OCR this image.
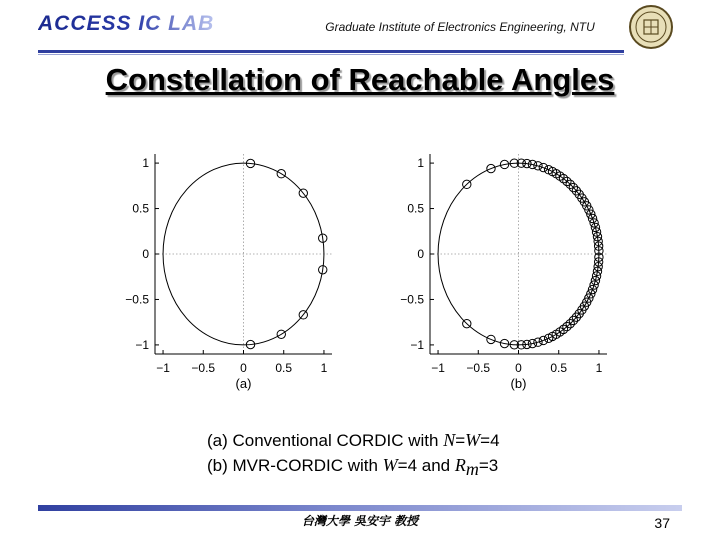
ACCESS IC LAB	Graduate Institute of Electronics Engineering, NTU
Constellation of Reachable Angles
−1
−0.5
0
0.5
1
−1 −0.5 0 0.5 1
(a)
−1
−0.5
0
0.5
1
−1 −0.5 0 0.5 1
(b)
(a) Conventional CORDIC with N=W=4
(b) MVR-CORDIC with W=4 and $R_m=3$
台灣大學 吳安宇 教授	37
